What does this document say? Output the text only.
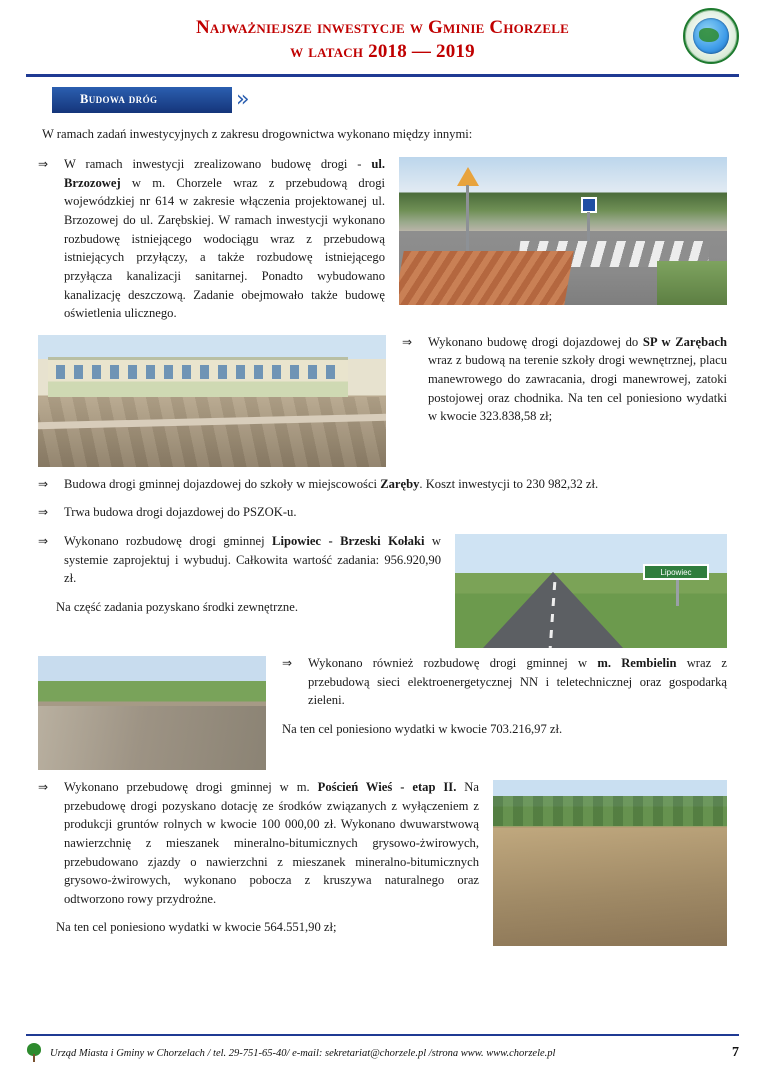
Najważniejsze inwestycje w Gminie Chorzele
w latach 2018 — 2019
Budowa dróg	››

W ramach zadań inwestycyjnych z zakresu drogownictwa wykonano między innymi:

⇒	W ramach inwestycji zrealizowano budowę drogi - ul. Brzozowej w m. Chorzele wraz z przebudową drogi wojewódzkiej nr 614 w zakresie włączenia projektowanej ul. Brzozowej do ul. Zarębskiej. W ramach inwestycji wykonano rozbudowę istniejącego wodociągu wraz z przebudową istniejących przyłączy, a także rozbudowę istniejącego przyłącza kanalizacji sanitarnej. Ponadto wybudowano kanalizację deszczową. Zadanie obejmowało także budowę oświetlenia ulicznego.
⇒	Wykonano budowę drogi dojazdowej do SP w Zarębach wraz z budową na terenie szkoły drogi wewnętrznej, placu manewrowego do zawracania, drogi manewrowej, zatoki postojowej oraz chodnika. Na ten cel poniesiono wydatki w kwocie 323.838,58 zł;
⇒	Budowa drogi gminnej dojazdowej do szkoły w miejscowości Zaręby. Koszt inwestycji to 230 982,32 zł.
⇒	Trwa budowa drogi dojazdowej do PSZOK-u.
Lipowiec
⇒	Wykonano rozbudowę drogi gminnej Lipowiec - Brzeski Kołaki w systemie zaprojektuj i wybuduj. Całkowita wartość zadania: 956.920,90 zł.

Na część zadania pozyskano środki zewnętrzne.

⇒	Wykonano również rozbudowę drogi gminnej w m. Rembielin wraz z przebudową sieci elektroenergetycznej NN i teletechnicznej oraz gospodarką zieleni.

Na ten cel poniesiono wydatki w kwocie 703.216,97 zł.

⇒	Wykonano przebudowę drogi gminnej w m. Poścień Wieś - etap II. Na przebudowę drogi pozyskano dotację ze środków związanych z wyłączeniem z produkcji gruntów rolnych w kwocie 100 000,00 zł. Wykonano dwuwarstwową nawierzchnię z mieszanek mineralno-bitumicznych grysowo-żwirowych, przebudowano zjazdy o nawierzchni z mieszanek mineralno-bitumicznych grysowo-żwirowych, wykonano pobocza z kruszywa naturalnego oraz odtworzono rowy przydrożne.

Na ten cel poniesiono wydatki w kwocie 564.551,90 zł;

Urząd Miasta i Gminy w Chorzelach / tel. 29-751-65-40/ e-mail: sekretariat@chorzele.pl /strona www. www.chorzele.pl	7
